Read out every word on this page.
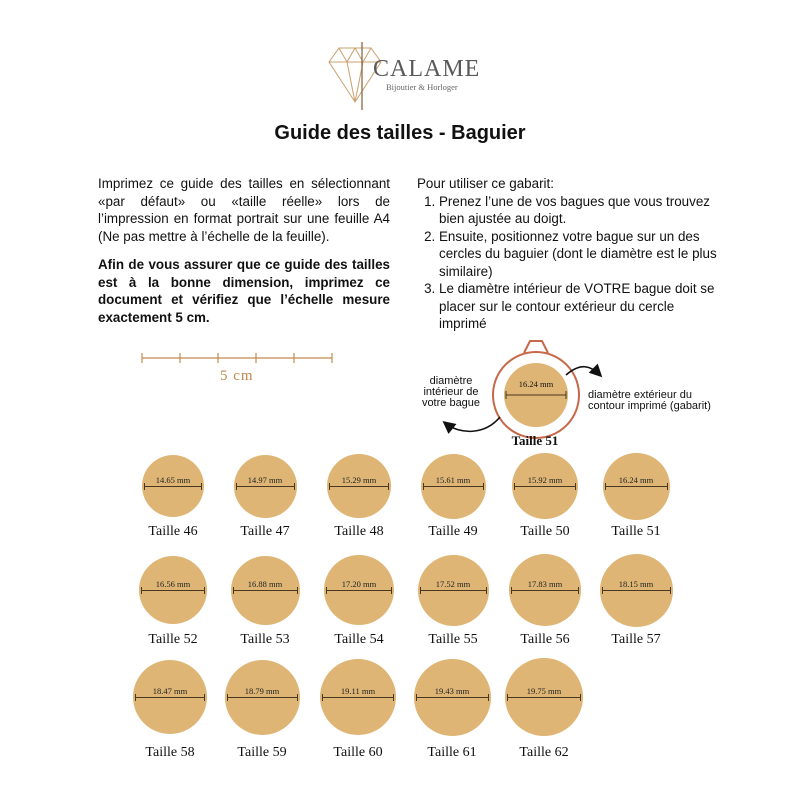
CALAME
Bijoutier & Horloger
Guide des tailles - Baguier

Imprimez ce guide des tailles en sélectionnant «par défaut» ou «taille réelle» lors de l’impression en format portrait sur une feuille A4 (Ne pas mettre à l’échelle de la feuille).

Afin de vous assurer que ce guide des tailles est à la bonne dimension, imprimez ce document et vérifiez que l’échelle mesure exactement 5 cm.

Pour utiliser ce gabarit:

1. Prenez l’une de vos bagues que vous trouvez bien ajustée au doigt.
2. Ensuite, positionnez votre bague sur un des cercles du baguier (dont le diamètre est le plus similaire)
3. Le diamètre intérieur de VOTRE bague doit se placer sur le contour extérieur du cercle imprimé
5 cm	16.24 mm
diamètre
intérieur de
votre bague
diamètre extérieur du
contour imprimé (gabarit)
Taille 51
14.65 mm
Taille 46
14.97 mm
Taille 47
15.29 mm
Taille 48
15.61 mm
Taille 49
15.92 mm
Taille 50
16.24 mm
Taille 51
16.56 mm
Taille 52
16.88 mm
Taille 53
17.20 mm
Taille 54
17.52 mm
Taille 55
17.83 mm
Taille 56
18.15 mm
Taille 57
18.47 mm
Taille 58
18.79 mm
Taille 59
19.11 mm
Taille 60
19.43 mm
Taille 61
19.75 mm
Taille 62
